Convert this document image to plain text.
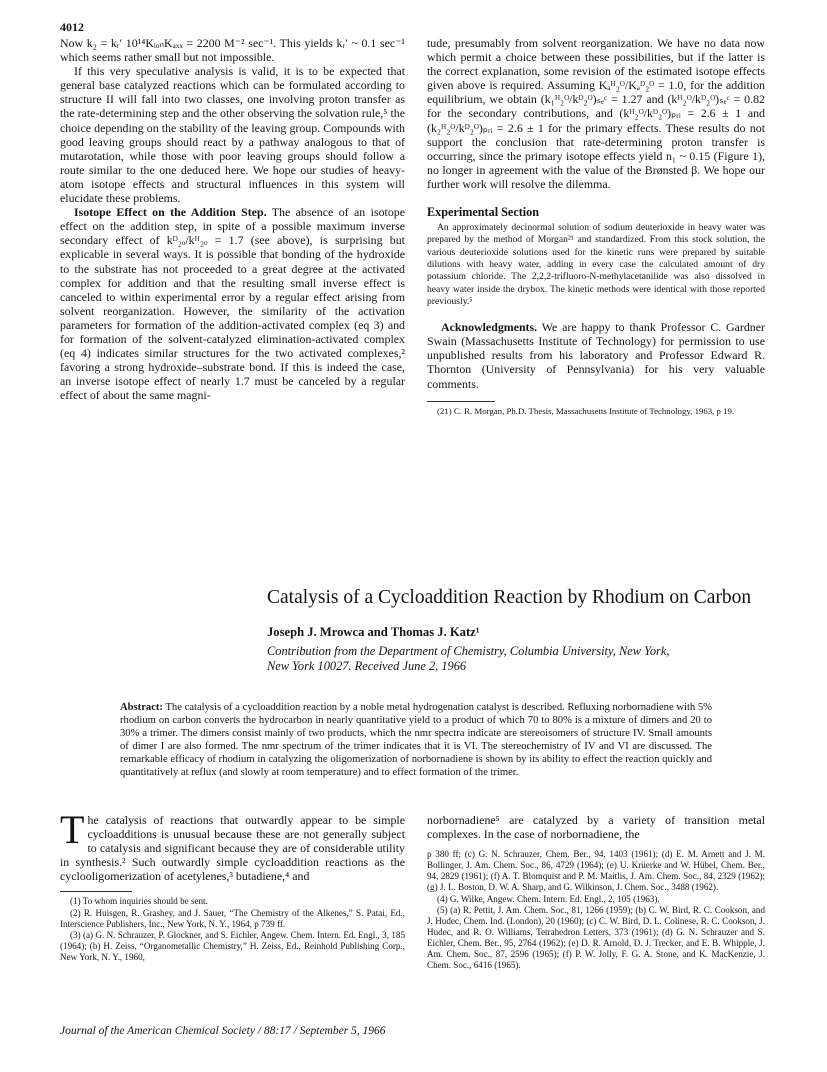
4012

Now k₂ = kᵣ′ 10¹⁴KᵢₒₙKₐₓₓ = 2200 M⁻² sec⁻¹. This yields kᵣ′ ~ 0.1 sec⁻¹ which seems rather small but not impossible.

If this very speculative analysis is valid, it is to be expected that general base catalyzed reactions which can be formulated according to structure II will fall into two classes, one involving proton transfer as the rate-determining step and the other observing the solvation rule,⁵ the choice depending on the stability of the leaving group. Compounds with good leaving groups should react by a pathway analogous to that of mutarotation, while those with poor leaving groups should follow a route similar to the one deduced here. We hope our studies of heavy-atom isotope effects and structural influences in this system will elucidate these problems.

Isotope Effect on the Addition Step. The absence of an isotope effect on the addition step, in spite of a possible maximum inverse secondary effect of kᴰ₂ₒ/kᴴ₂ₒ = 1.7 (see above), is surprising but explicable in several ways. It is possible that bonding of the hydroxide to the substrate has not proceeded to a great degree at the activated complex for addition and that the resulting small inverse effect is canceled to within experimental error by a regular effect arising from solvent reorganization. However, the similarity of the activation parameters for formation of the addition-activated complex (eq 3) and for formation of the solvent-catalyzed elimination-activated complex (eq 4) indicates similar structures for the two activated complexes,² favoring a strong hydroxide–substrate bond. If this is indeed the case, an inverse isotope effect of nearly 1.7 must be canceled by a regular effect of about the same magni-

tude, presumably from solvent reorganization. We have no data now which permit a choice between these possibilities, but if the latter is the correct explanation, some revision of the estimated isotope effects given above is required. Assuming Kₐᴴ₂ᴼ/Kₐᴰ₂ᴼ = 1.0, for the addition equilibrium, we obtain (k₁ᴴ₂ᴼ/kᴰ₂ᴼ)ₛₑᶜ = 1.27 and (kᴴ₂ᴼ/kᴰ₂ᴼ)ₛₑᶜ = 0.82 for the secondary contributions, and (kᴴ₂ᴼ/kᴰ₂ᴼ)ₚᵣᵢ = 2.6 ± 1 and (k₂ᴴ₂ᴼ/kᴰ₂ᴼ)ₚᵣᵢ = 2.6 ± 1 for the primary effects. These results do not support the conclusion that rate-determining proton transfer is occurring, since the primary isotope effects yield n₁ ~ 0.15 (Figure 1), no longer in agreement with the value of the Brønsted β. We hope our further work will resolve the dilemma.

Experimental Section

An approximately decinormal solution of sodium deuterioxide in heavy water was prepared by the method of Morgan²¹ and standardized. From this stock solution, the various deuterioxide solutions used for the kinetic runs were prepared by suitable dilutions with heavy water, adding in every case the calculated amount of dry potassium chloride. The 2,2,2-trifluoro-N-methylacetanilide was also dissolved in heavy water inside the drybox. The kinetic methods were identical with those reported previously.⁵

Acknowledgments. We are happy to thank Professor C. Gardner Swain (Massachusetts Institute of Technology) for permission to use unpublished results from his laboratory and Professor Edward R. Thornton (University of Pennsylvania) for his very valuable comments.

(21) C. R. Morgan, Ph.D. Thesis, Massachusetts Institute of Technology, 1963, p 19.

Catalysis of a Cycloaddition Reaction by Rhodium on Carbon
Joseph J. Mrowca and Thomas J. Katz¹
Contribution from the Department of Chemistry, Columbia University, New York, New York 10027. Received June 2, 1966
Abstract: The catalysis of a cycloaddition reaction by a noble metal hydrogenation catalyst is described. Refluxing norbornadiene with 5% rhodium on carbon converts the hydrocarbon in nearly quantitative yield to a product of which 70 to 80% is a mixture of dimers and 20 to 30% a trimer. The dimers consist mainly of two products, which the nmr spectra indicate are stereoisomers of structure IV. Small amounts of dimer I are also formed. The nmr spectrum of the trimer indicates that it is VI. The stereochemistry of IV and VI are discussed. The remarkable efficacy of rhodium in catalyzing the oligomerization of norbornadiene is shown by its ability to effect the reaction quickly and quantitatively at reflux (and slowly at room temperature) and to effect formation of the trimer.

The catalysis of reactions that outwardly appear to be simple cycloadditions is unusual because these are not generally subject to catalysis and significant because they are of considerable utility in synthesis.² Such outwardly simple cycloaddition reactions as the cyclooligomerization of acetylenes,³ butadiene,⁴ and

(1) To whom inquiries should be sent.

(2) R. Huisgen, R. Grashey, and J. Sauer, “The Chemistry of the Alkenes,” S. Patai, Ed., Interscience Publishers, Inc., New York, N. Y., 1964, p 739 ff.

(3) (a) G. N. Schrauzer, P. Glockner, and S. Eichler, Angew. Chem. Intern. Ed. Engl., 3, 185 (1964); (b) H. Zeiss, “Organometallic Chemistry,” H. Zeiss, Ed., Reinhold Publishing Corp., New York, N. Y., 1960,

norbornadiene⁵ are catalyzed by a variety of transition metal complexes. In the case of norbornadiene, the

p 380 ff; (c) G. N. Schrauzer, Chem. Ber., 94, 1403 (1961); (d) E. M. Arnett and J. M. Bollinger, J. Am. Chem. Soc., 86, 4729 (1964); (e) U. Krüerke and W. Hübel, Chem. Ber., 94, 2829 (1961); (f) A. T. Blomquist and P. M. Maitlis, J. Am. Chem. Soc., 84, 2329 (1962); (g) J. L. Boston, D. W. A. Sharp, and G. Wilkinson, J. Chem. Soc., 3488 (1962).

(4) G. Wilke, Angew. Chem. Intern. Ed. Engl., 2, 105 (1963).

(5) (a) R. Pettit, J. Am. Chem. Soc., 81, 1266 (1959); (b) C. W. Bird, R. C. Cookson, and J. Hudec, Chem. Ind. (London), 20 (1960); (c) C. W. Bird, D. L. Colinese, R. C. Cookson, J. Hudec, and R. O. Williams, Tetrahedron Letters, 373 (1961); (d) G. N. Schrauzer and S. Eichler, Chem. Ber., 95, 2764 (1962); (e) D. R. Arnold, D. J. Trecker, and E. B. Whipple, J. Am. Chem. Soc., 87, 2596 (1965); (f) P. W. Jolly, F. G. A. Stone, and K. MacKenzie, J. Chem. Soc., 6416 (1965).

Journal of the American Chemical Society / 88:17 / September 5, 1966
